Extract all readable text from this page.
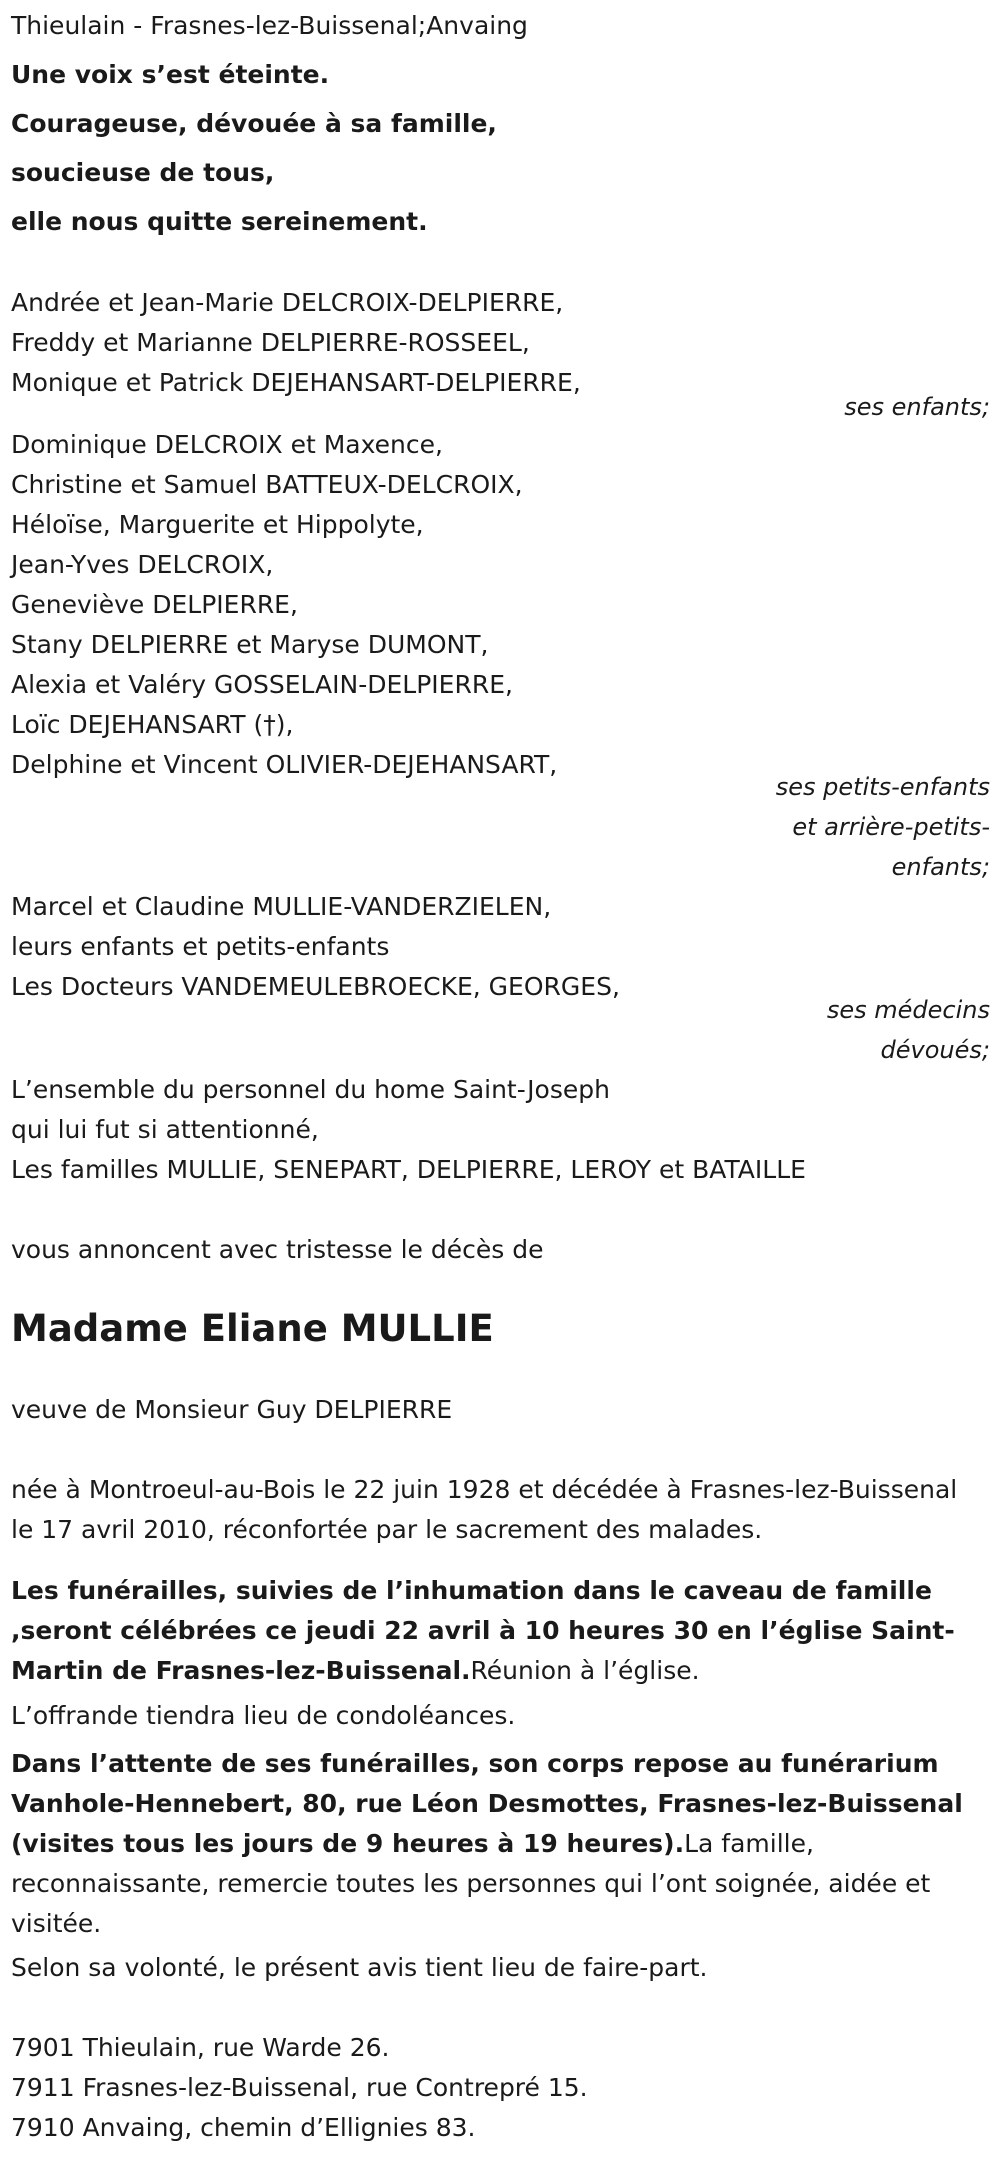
Thieulain - Frasnes-lez-Buissenal;Anvaing
Une voix s’est éteinte.
Courageuse, dévouée à sa famille,
soucieuse de tous,
elle nous quitte sereinement.
Andrée et Jean-Marie DELCROIX-DELPIERRE,
Freddy et Marianne DELPIERRE-ROSSEEL,
Monique et Patrick DEJEHANSART-DELPIERRE,
ses enfants;
Dominique DELCROIX et Maxence,
Christine et Samuel BATTEUX-DELCROIX,
Héloïse, Marguerite et Hippolyte,
Jean-Yves DELCROIX,
Geneviève DELPIERRE,
Stany DELPIERRE et Maryse DUMONT,
Alexia et Valéry GOSSELAIN-DELPIERRE,
Loïc DEJEHANSART (†),
Delphine et Vincent OLIVIER-DEJEHANSART,
ses petits-enfants
et arrière-petits-
enfants;
Marcel et Claudine MULLIE-VANDERZIELEN,
leurs enfants et petits-enfants
Les Docteurs VANDEMEULEBROECKE, GEORGES,
ses médecins
dévoués;
L’ensemble du personnel du home Saint-Joseph
qui lui fut si attentionné,
Les familles MULLIE, SENEPART, DELPIERRE, LEROY et BATAILLE
vous annoncent avec tristesse le décès de
Madame Eliane MULLIE
veuve de Monsieur Guy DELPIERRE
née à Montroeul-au-Bois le 22 juin 1928 et décédée à Frasnes-lez-Buissenal le 17 avril 2010, réconfortée par le sacrement des malades.
Les funérailles, suivies de l’inhumation dans le caveau de famille ,seront célébrées ce jeudi 22 avril à 10 heures 30 en l’église Saint-Martin de Frasnes-lez-Buissenal.Réunion à l’église.
L’offrande tiendra lieu de condoléances.
Dans l’attente de ses funérailles, son corps repose au funérarium Vanhole-Hennebert, 80, rue Léon Desmottes, Frasnes-lez-Buissenal (visites tous les jours de 9 heures à 19 heures).La famille, reconnaissante, remercie toutes les personnes qui l’ont soignée, aidée et visitée.
Selon sa volonté, le présent avis tient lieu de faire-part.
7901 Thieulain, rue Warde 26.
7911 Frasnes-lez-Buissenal, rue Contrepré 15.
7910 Anvaing, chemin d’Ellignies 83.
